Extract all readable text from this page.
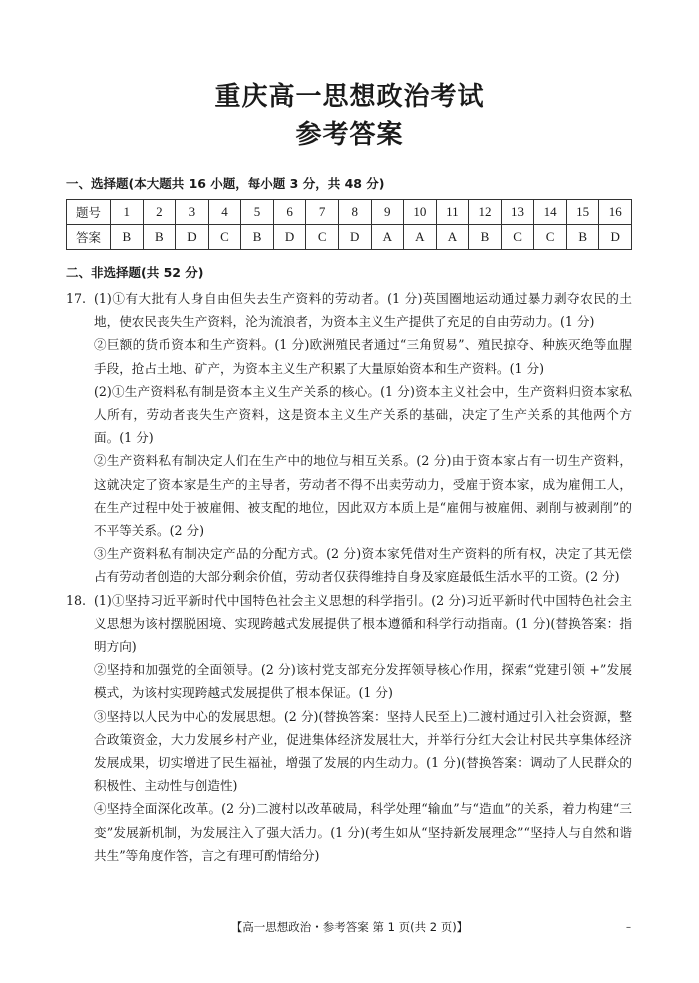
重庆高一思想政治考试
参考答案
一、选择题(本大题共 16 小题，每小题 3 分，共 48 分)
题号	1	2	3	4	5	6	7	8	9	10	11	12	13	14	15	16
答案	B	B	D	C	B	D	C	D	A	A	A	B	C	C	B	D
二、非选择题(共 52 分)
17. (1)①有大批有人身自由但失去生产资料的劳动者。(1 分)英国圈地运动通过暴力剥夺农民的土地，使农民丧失生产资料，沦为流浪者，为资本主义生产提供了充足的自由劳动力。(1 分)

②巨额的货币资本和生产资料。(1 分)欧洲殖民者通过“三角贸易”、殖民掠夺、种族灭绝等血腥手段，抢占土地、矿产，为资本主义生产积累了大量原始资本和生产资料。(1 分)

(2)①生产资料私有制是资本主义生产关系的核心。(1 分)资本主义社会中，生产资料归资本家私人所有，劳动者丧失生产资料，这是资本主义生产关系的基础，决定了生产关系的其他两个方面。(1 分)

②生产资料私有制决定人们在生产中的地位与相互关系。(2 分)由于资本家占有一切生产资料，这就决定了资本家是生产的主导者，劳动者不得不出卖劳动力，受雇于资本家，成为雇佣工人，在生产过程中处于被雇佣、被支配的地位，因此双方本质上是“雇佣与被雇佣、剥削与被剥削”的不平等关系。(2 分)

③生产资料私有制决定产品的分配方式。(2 分)资本家凭借对生产资料的所有权，决定了其无偿占有劳动者创造的大部分剩余价值，劳动者仅获得维持自身及家庭最低生活水平的工资。(2 分)

18. (1)①坚持习近平新时代中国特色社会主义思想的科学指引。(2 分)习近平新时代中国特色社会主义思想为该村摆脱困境、实现跨越式发展提供了根本遵循和科学行动指南。(1 分)(替换答案：指明方向)

②坚持和加强党的全面领导。(2 分)该村党支部充分发挥领导核心作用，探索“党建引领 +”发展模式，为该村实现跨越式发展提供了根本保证。(1 分)

③坚持以人民为中心的发展思想。(2 分)(替换答案：坚持人民至上)二渡村通过引入社会资源，整合政策资金，大力发展乡村产业，促进集体经济发展壮大，并举行分红大会让村民共享集体经济发展成果，切实增进了民生福祉，增强了发展的内生动力。(1 分)(替换答案：调动了人民群众的积极性、主动性与创造性)

④坚持全面深化改革。(2 分)二渡村以改革破局，科学处理“输血”与“造血”的关系，着力构建“三变”发展新机制，为发展注入了强大活力。(1 分)(考生如从“坚持新发展理念”“坚持人与自然和谐共生”等角度作答，言之有理可酌情给分)

【高一思想政治・参考答案 第 1 页(共 2 页)】	–
